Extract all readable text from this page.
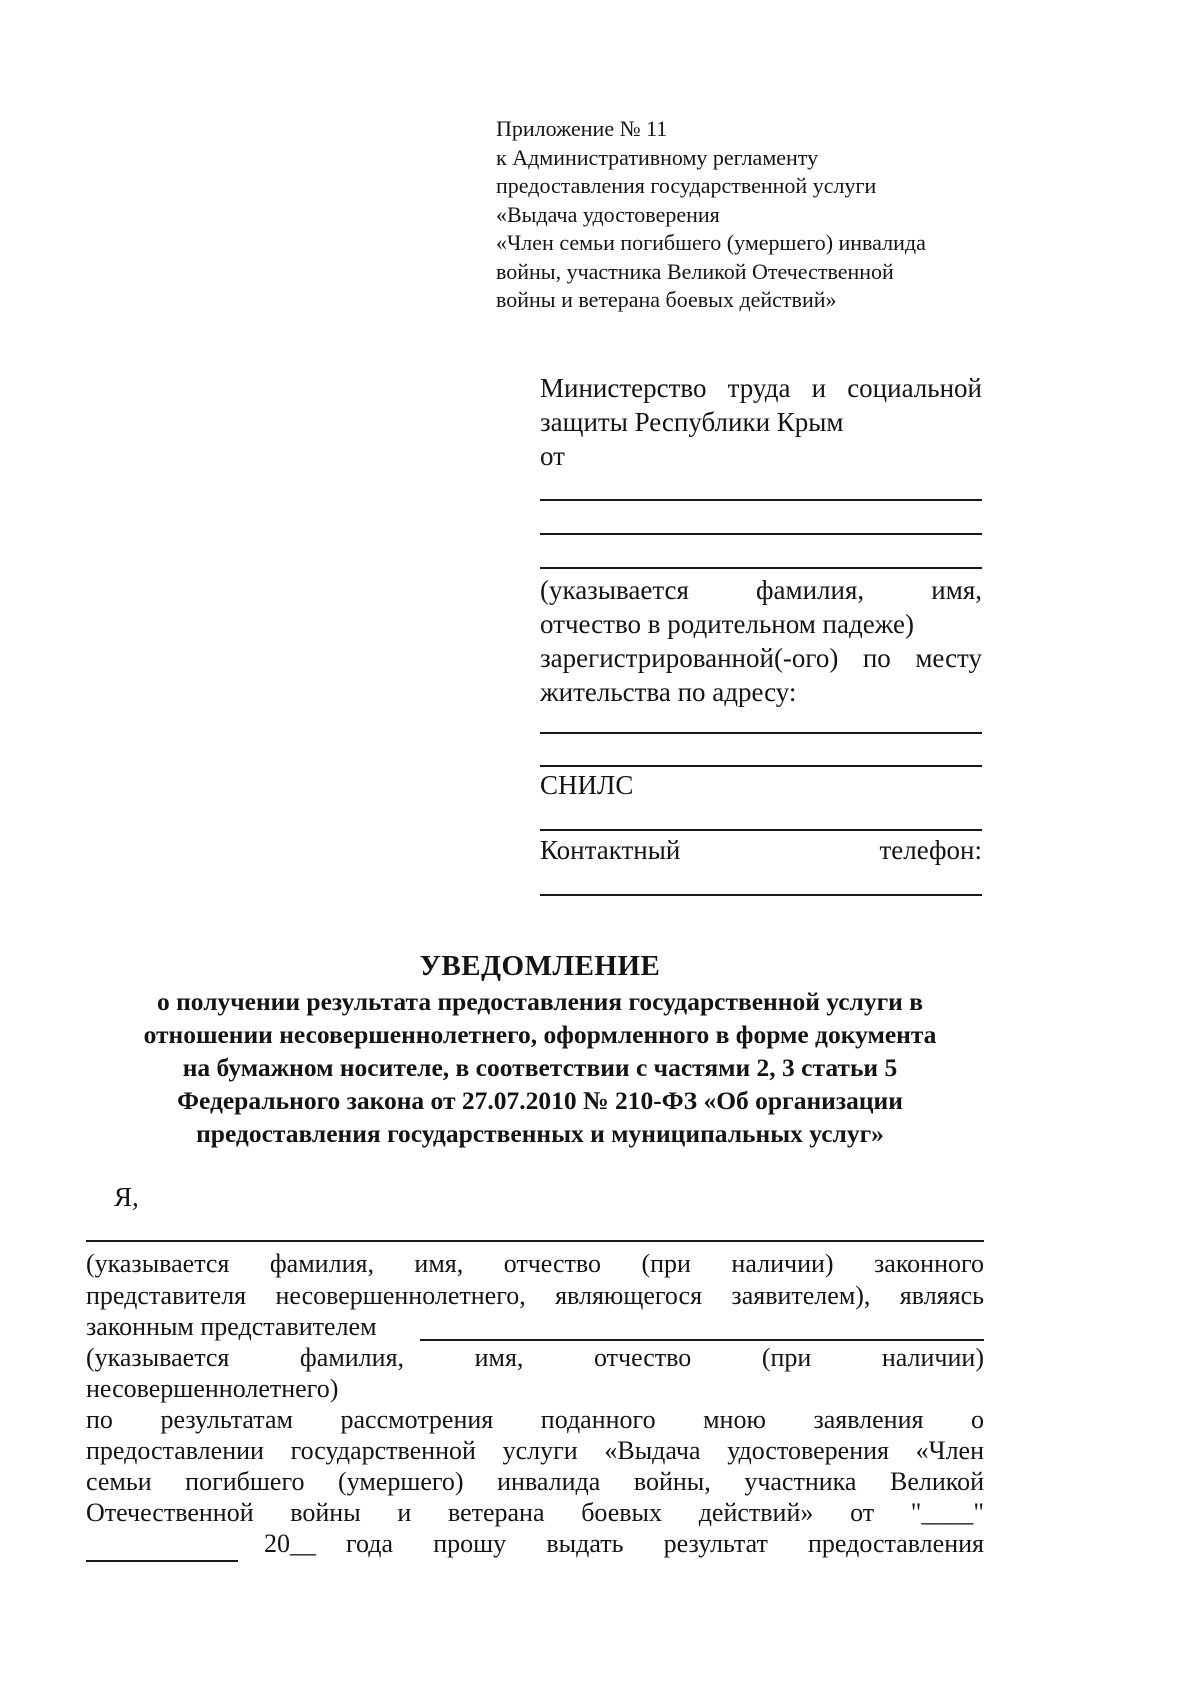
Приложение № 11
к Административному регламенту
предоставления государственной услуги
«Выдача удостоверения
«Член семьи погибшего (умершего) инвалида
войны, участника Великой Отечественной
войны и ветерана боевых действий»
Министерство труда и социальной
защиты Республики Крым
от
(указывается фамилия, имя,
отчество в родительном падеже)
зарегистрированной(-ого) по месту
жительства по адресу:
СНИЛС
Контактный телефон:
УВЕДОМЛЕНИЕ
о получении результата предоставления государственной услуги в
отношении несовершеннолетнего, оформленного в форме документа
на бумажном носителе, в соответствии с частями 2, 3 статьи 5
Федерального закона от 27.07.2010 № 210-ФЗ «Об организации
предоставления государственных и муниципальных услуг»
Я,
(указывается фамилия, имя, отчество (при наличии) законного
представителя несовершеннолетнего, являющегося заявителем), являясь
законным представителем
(указывается фамилия, имя, отчество (при наличии)
несовершеннолетнего)
по результатам рассмотрения поданного мною заявления о
предоставлении государственной услуги «Выдача удостоверения «Член
семьи погибшего (умершего) инвалида войны, участника Великой
Отечественной войны и ветерана боевых действий» от "____"
20__ года прошу выдать результат предоставления
